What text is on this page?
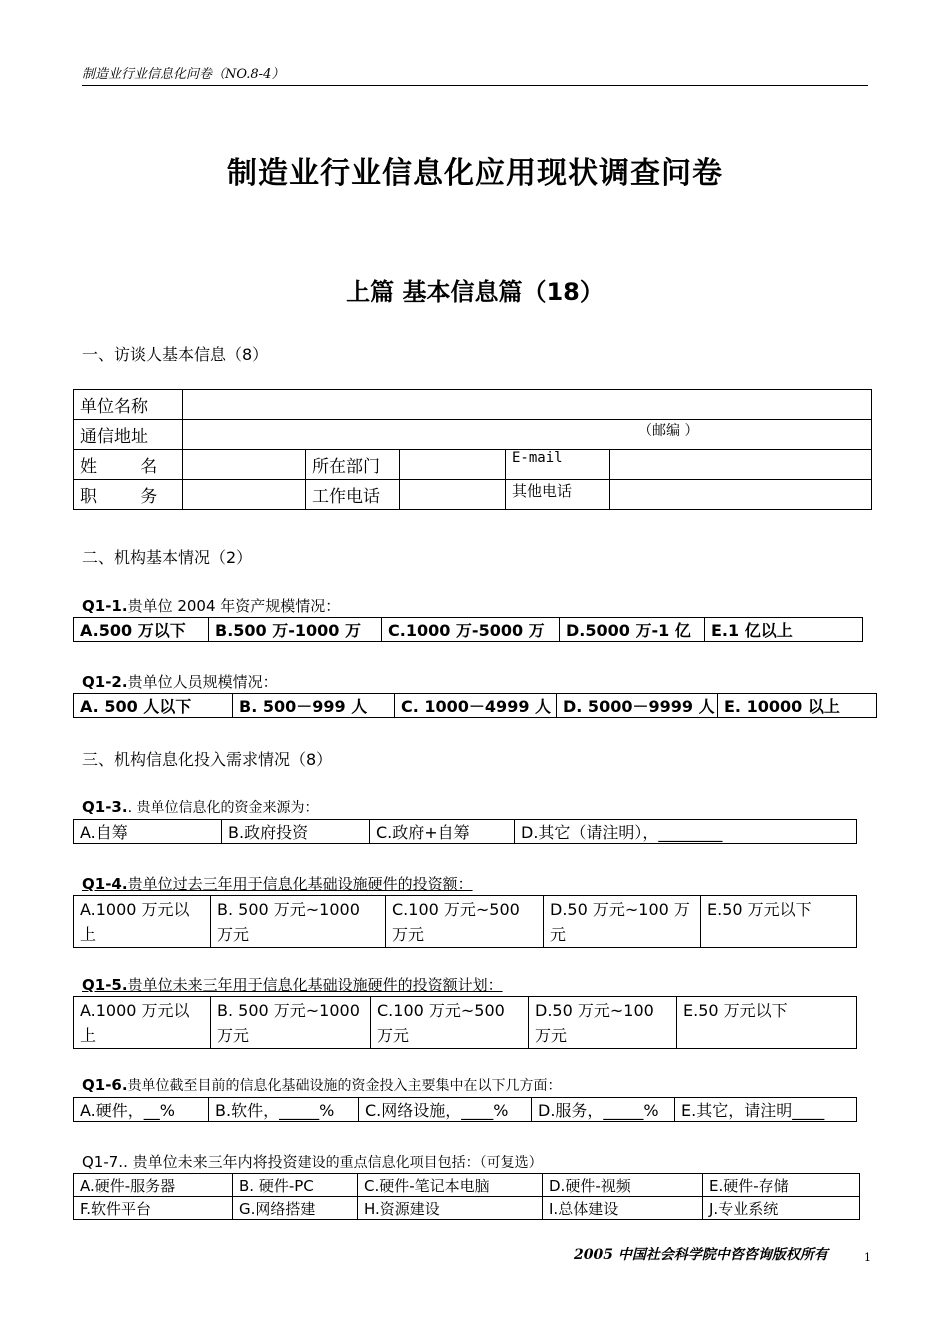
制造业行业信息化问卷（NO.8-4）
制造业行业信息化应用现状调查问卷
上篇 基本信息篇（18）
一、访谈人基本信息（8）
单位名称					
通信地址	（邮编 ）				
姓        名		所在部门		E-mail	
职        务		工作电话		其他电话	
二、机构基本情况（2）
Q1-1.贵单位 2004 年资产规模情况：
A.500 万以下	B.500 万-1000 万	C.1000 万-5000 万	D.5000 万-1 亿	E.1 亿以上
Q1-2.贵单位人员规模情况：
A. 500 人以下	B. 500－999 人	C. 1000－4999 人	D. 5000－9999 人	E. 10000 以上
三、机构信息化投入需求情况（8）
Q1-3.. 贵单位信息化的资金来源为：
A.自筹	B.政府投资	C.政府+自筹	D.其它（请注明），________
Q1-4.贵单位过去三年用于信息化基础设施硬件的投资额：
A.1000 万元以上	B. 500 万元~1000 万元	C.100 万元~500 万元	D.50 万元~100 万元	E.50 万元以下
Q1-5.贵单位未来三年用于信息化基础设施硬件的投资额计划：
A.1000 万元以上	B. 500 万元~1000 万元	C.100 万元~500 万元	D.50 万元~100 万元	E.50 万元以下
Q1-6.贵单位截至目前的信息化基础设施的资金投入主要集中在以下几方面：
A.硬件，__%	B.软件，_____%	C.网络设施，____%	D.服务，_____%	E.其它，请注明____
Q1-7.. 贵单位未来三年内将投资建设的重点信息化项目包括：（可复选）
A.硬件-服务器	B. 硬件-PC	C.硬件-笔记本电脑	D.硬件-视频	E.硬件-存储
F.软件平台	G.网络搭建	H.资源建设	I.总体建设	J.专业系统
2005 中国社会科学院中咨咨询版权所有	1
